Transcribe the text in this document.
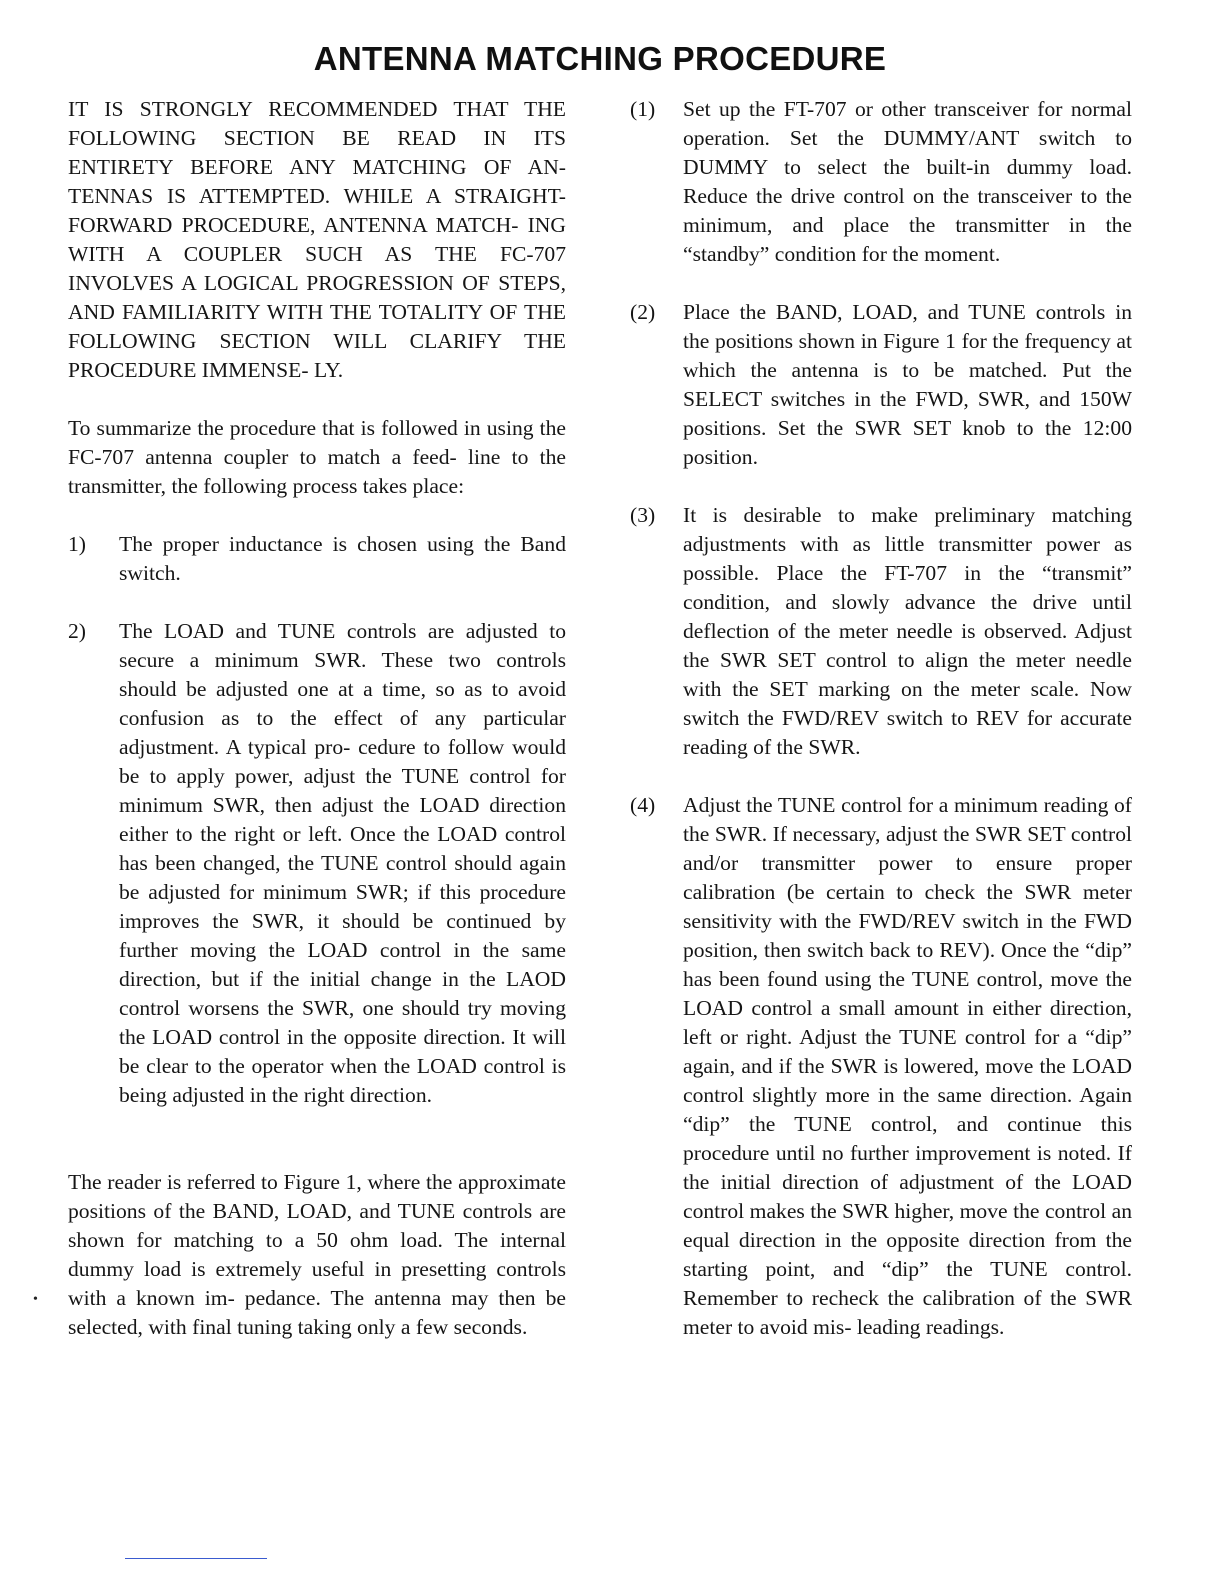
ANTENNA MATCHING PROCEDURE

IT IS STRONGLY RECOMMENDED THAT THE FOLLOWING SECTION BE READ IN ITS ENTIRETY BEFORE ANY MATCHING OF AN- TENNAS IS ATTEMPTED. WHILE A STRAIGHT- FORWARD PROCEDURE, ANTENNA MATCH- ING WITH A COUPLER SUCH AS THE FC-707 INVOLVES A LOGICAL PROGRESSION OF STEPS, AND FAMILIARITY WITH THE TOTALITY OF THE FOLLOWING SECTION WILL CLARIFY THE PROCEDURE IMMENSE- LY.

To summarize the procedure that is followed in using the FC-707 antenna coupler to match a feed- line to the transmitter, the following process takes place:

1) The proper inductance is chosen using the Band switch.
2) The LOAD and TUNE controls are adjusted to secure a minimum SWR. These two controls should be adjusted one at a time, so as to avoid confusion as to the effect of any particular adjustment. A typical pro- cedure to follow would be to apply power, adjust the TUNE control for minimum SWR, then adjust the LOAD direction either to the right or left. Once the LOAD control has been changed, the TUNE control should again be adjusted for minimum SWR; if this procedure improves the SWR, it should be continued by further moving the LOAD control in the same direction, but if the initial change in the LAOD control worsens the SWR, one should try moving the LOAD control in the opposite direction. It will be clear to the operator when the LOAD control is being adjusted in the right direction.

The reader is referred to Figure 1, where the approximate positions of the BAND, LOAD, and TUNE controls are shown for matching to a 50 ohm load. The internal dummy load is extremely useful in presetting controls with a known im- pedance. The antenna may then be selected, with final tuning taking only a few seconds.

•
(1) Set up the FT-707 or other transceiver for normal operation. Set the DUMMY/ANT switch to DUMMY to select the built-in dummy load. Reduce the drive control on the transceiver to the minimum, and place the transmitter in the “standby” condition for the moment.
(2) Place the BAND, LOAD, and TUNE controls in the positions shown in Figure 1 for the frequency at which the antenna is to be matched. Put the SELECT switches in the FWD, SWR, and 150W positions. Set the SWR SET knob to the 12:00 position.
(3) It is desirable to make preliminary matching adjustments with as little transmitter power as possible. Place the FT-707 in the “transmit” condition, and slowly advance the drive until deflection of the meter needle is observed. Adjust the SWR SET control to align the meter needle with the SET marking on the meter scale. Now switch the FWD/REV switch to REV for accurate reading of the SWR.
(4) Adjust the TUNE control for a minimum reading of the SWR. If necessary, adjust the SWR SET control and/or transmitter power to ensure proper calibration (be certain to check the SWR meter sensitivity with the FWD/REV switch in the FWD position, then switch back to REV). Once the “dip” has been found using the TUNE control, move the LOAD control a small amount in either direction, left or right. Adjust the TUNE control for a “dip” again, and if the SWR is lowered, move the LOAD control slightly more in the same direction. Again “dip” the TUNE control, and continue this procedure until no further improvement is noted. If the initial direction of adjustment of the LOAD control makes the SWR higher, move the control an equal direction in the opposite direction from the starting point, and “dip” the TUNE control. Remember to recheck the calibration of the SWR meter to avoid mis- leading readings.
